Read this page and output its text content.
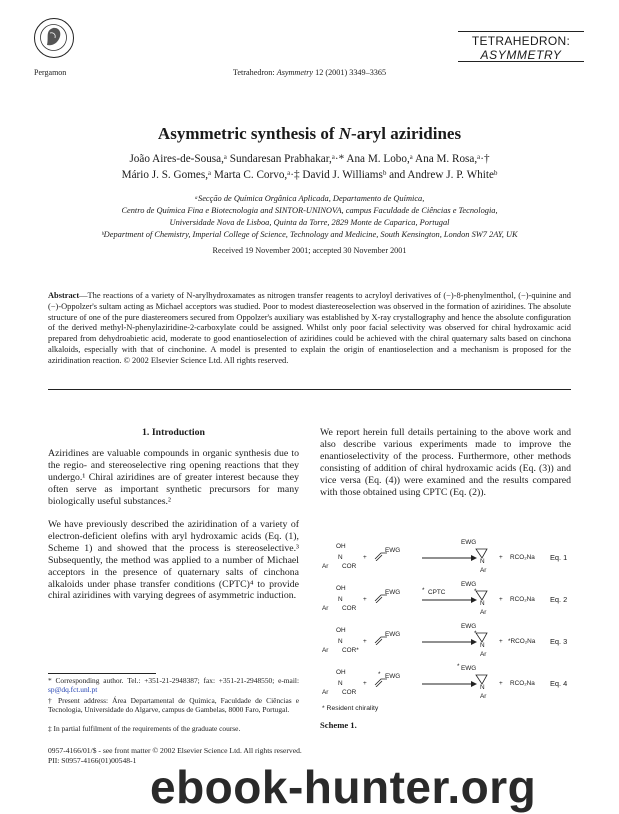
Pergamon	Tetrahedron: Asymmetry 12 (2001) 3349–3365
TETRAHEDRON:
ASYMMETRY
Asymmetric synthesis of N-aryl aziridines
João Aires-de-Sousa,ᵃ Sundaresan Prabhakar,ᵃ·* Ana M. Lobo,ᵃ Ana M. Rosa,ᵃ·†
Mário J. S. Gomes,ᵃ Marta C. Corvo,ᵃ·‡ David J. Williamsᵇ and Andrew J. P. Whiteᵇ
ᵃSecção de Química Orgânica Aplicada, Departamento de Química,
Centro de Química Fina e Biotecnologia and SINTOR-UNINOVA, campus Faculdade de Ciências e Tecnologia,
Universidade Nova de Lisboa, Quinta da Torre, 2829 Monte de Caparica, Portugal
ᵇDepartment of Chemistry, Imperial College of Science, Technology and Medicine, South Kensington, London SW7 2AY, UK
Received 19 November 2001; accepted 30 November 2001
Abstract—The reactions of a variety of N-arylhydroxamates as nitrogen transfer reagents to acryloyl derivatives of (−)-8-phenylmenthol, (−)-quinine and (−)-Oppolzer's sultam acting as Michael acceptors was studied. Poor to modest diastereoselection was observed in the formation of aziridines. The absolute structure of one of the pure diastereomers secured from Oppolzer's auxiliary was established by X-ray crystallography and hence the absolute configuration of the derived methyl-N-phenylaziridine-2-carboxylate could be assigned. Whilst only poor facial selectivity was observed for chiral hydroxamic acid prepared from dehydroabietic acid, moderate to good enantioselection of aziridines could be achieved with the chiral quaternary salts based on cinchona alkaloids, especially with that of cinchonine. A model is presented to explain the origin of enantioselection and a mechanism is proposed for the aziridination reaction. © 2002 Elsevier Science Ltd. All rights reserved.
1. Introduction
Aziridines are valuable compounds in organic synthesis due to the regio- and stereoselective ring opening reactions that they undergo.¹ Chiral aziridines are of greater interest because they often serve as important synthetic precursors for many biologically useful substances.²
We have previously described the aziridination of a variety of electron-deficient olefins with aryl hydroxamic acids (Eq. (1), Scheme 1) and showed that the process is stereoselective.³ Subsequently, the method was applied to a number of Michael acceptors in the presence of quaternary salts of cinchona alkaloids under phase transfer conditions (CPTC)⁴ to provide chiral aziridines with varying degrees of asymmetric induction.
* Corresponding author. Tel.: +351-21-2948387; fax: +351-21-2948550; e-mail: sp@dq.fct.unl.pt
† Present address: Área Departamental de Química, Faculdade de Ciências e Tecnologia, Universidade do Algarve, campus de Gambelas, 8000 Faro, Portugal.
‡ In partial fulfilment of the requirements of the graduate course.
We report herein full details pertaining to the above work and also describe various experiments made to improve the enantioselectivity of the process. Furthermore, other methods consisting of addition of chiral hydroxamic acids (Eq. (3)) and vice versa (Eq. (4)) were examined and the results compared with those obtained using CPTC (Eq. (2)).
OH
N
Ar COR
+
EWG
EWG
N
Ar
+ RCO₂Na Eq. 1
OH
N
Ar COR
+
EWG	CPTC
*
EWG
*
N
Ar
+ RCO₂Na Eq. 2
OH
N
Ar COR*
+
EWG
EWG
*
N
Ar
+ *RCO₂Na Eq. 3
OH
N
Ar COR
+
* EWG
* EWG
N
Ar
+ RCO₂Na Eq. 4
* Resident chirality
Scheme 1.
0957-4166/01/$ - see front matter © 2002 Elsevier Science Ltd. All rights reserved.
PII: S0957-4166(01)00548-1
ebook-hunter.org
